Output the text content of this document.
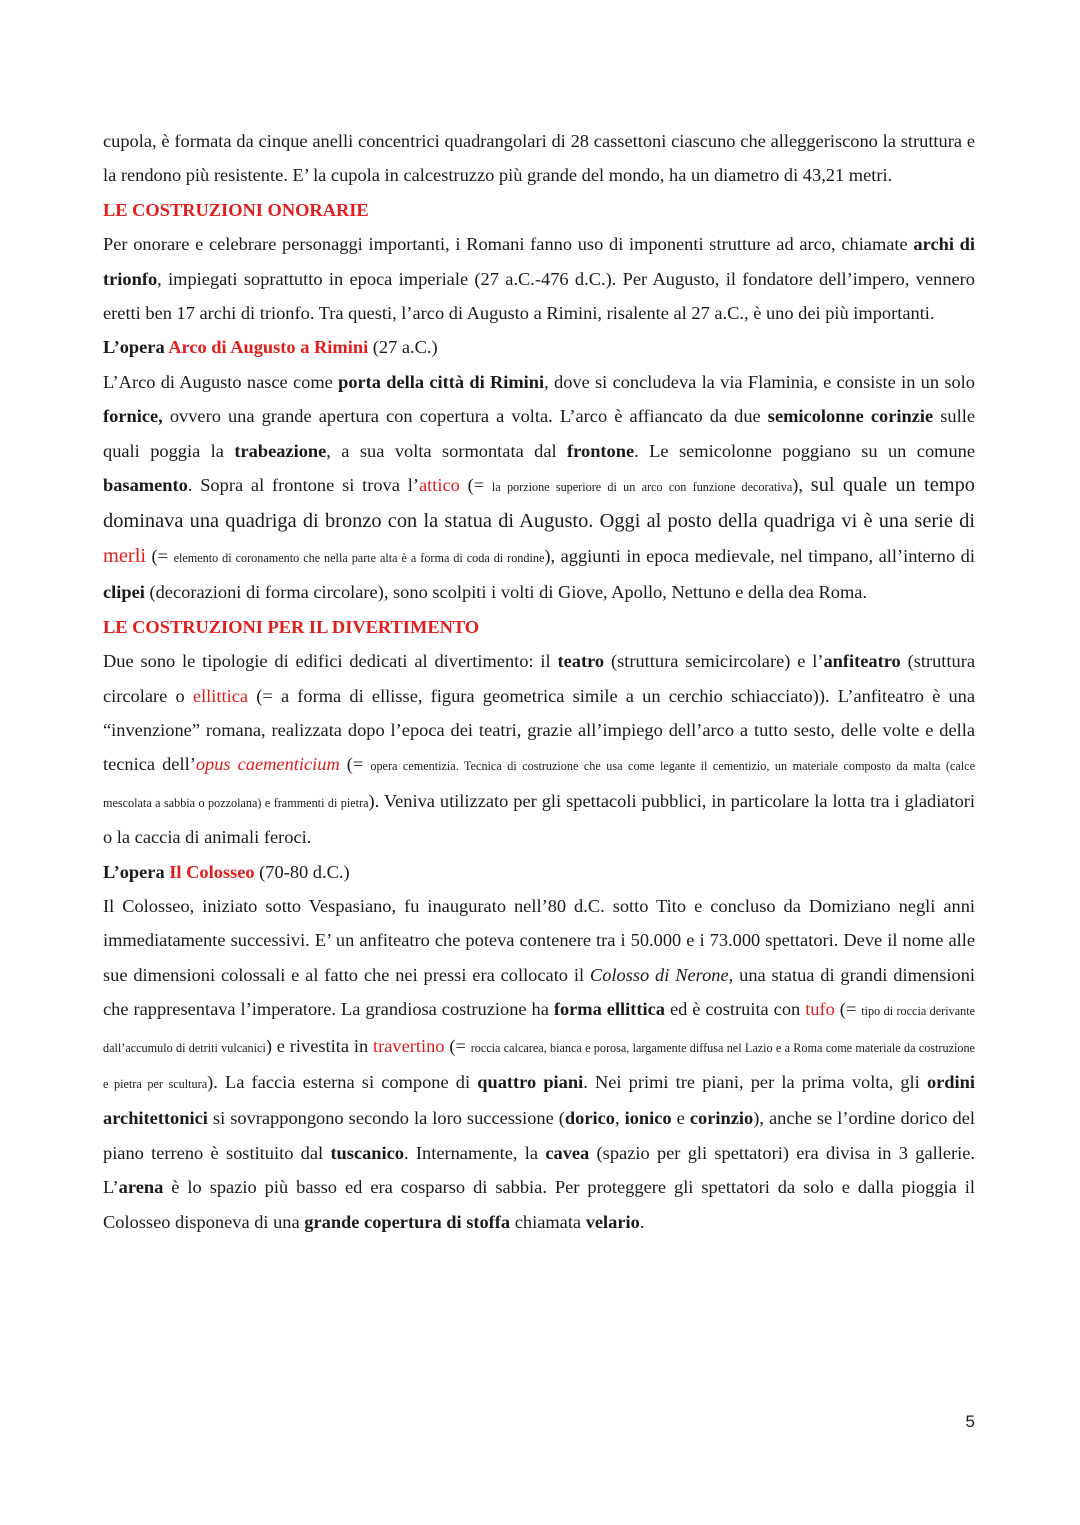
cupola, è formata da cinque anelli concentrici quadrangolari di 28 cassettoni ciascuno che alleggeriscono la struttura e la rendono più resistente. E’ la cupola in calcestruzzo più grande del mondo, ha un diametro di 43,21 metri.

LE COSTRUZIONI ONORARIE

Per onorare e celebrare personaggi importanti, i Romani fanno uso di imponenti strutture ad arco, chiamate archi di trionfo, impiegati soprattutto in epoca imperiale (27 a.C.-476 d.C.). Per Augusto, il fondatore dell’impero, vennero eretti ben 17 archi di trionfo. Tra questi, l’arco di Augusto a Rimini, risalente al 27 a.C., è uno dei più importanti.

L’opera Arco di Augusto a Rimini (27 a.C.)

L’Arco di Augusto nasce come porta della città di Rimini, dove si concludeva la via Flaminia, e consiste in un solo fornice, ovvero una grande apertura con copertura a volta. L’arco è affiancato da due semicolonne corinzie sulle quali poggia la trabeazione, a sua volta sormontata dal frontone. Le semicolonne poggiano su un comune basamento. Sopra al frontone si trova l’attico (= la porzione superiore di un arco con funzione decorativa), sul quale un tempo dominava una quadriga di bronzo con la statua di Augusto. Oggi al posto della quadriga vi è una serie di merli (= elemento di coronamento che nella parte alta è a forma di coda di rondine), aggiunti in epoca medievale, nel timpano, all’interno di clipei (decorazioni di forma circolare), sono scolpiti i volti di Giove, Apollo, Nettuno e della dea Roma.

LE COSTRUZIONI PER IL DIVERTIMENTO

Due sono le tipologie di edifici dedicati al divertimento: il teatro (struttura semicircolare) e l’anfiteatro (struttura circolare o ellittica (= a forma di ellisse, figura geometrica simile a un cerchio schiacciato)). L’anfiteatro è una “invenzione” romana, realizzata dopo l’epoca dei teatri, grazie all’impiego dell’arco a tutto sesto, delle volte e della tecnica dell’opus caementicium (= opera cementizia. Tecnica di costruzione che usa come legante il cementizio, un materiale composto da malta (calce mescolata a sabbia o pozzolana) e frammenti di pietra). Veniva utilizzato per gli spettacoli pubblici, in particolare la lotta tra i gladiatori o la caccia di animali feroci.

L’opera Il Colosseo (70-80 d.C.)

Il Colosseo, iniziato sotto Vespasiano, fu inaugurato nell’80 d.C. sotto Tito e concluso da Domiziano negli anni immediatamente successivi. E’ un anfiteatro che poteva contenere tra i 50.000 e i 73.000 spettatori. Deve il nome alle sue dimensioni colossali e al fatto che nei pressi era collocato il Colosso di Nerone, una statua di grandi dimensioni che rappresentava l’imperatore. La grandiosa costruzione ha forma ellittica ed è costruita con tufo (= tipo di roccia derivante dall’accumulo di detriti vulcanici) e rivestita in travertino (= roccia calcarea, bianca e porosa, largamente diffusa nel Lazio e a Roma come materiale da costruzione e pietra per scultura). La faccia esterna si compone di quattro piani. Nei primi tre piani, per la prima volta, gli ordini architettonici si sovrappongono secondo la loro successione (dorico, ionico e corinzio), anche se l’ordine dorico del piano terreno è sostituito dal tuscanico. Internamente, la cavea (spazio per gli spettatori) era divisa in 3 gallerie. L’arena è lo spazio più basso ed era cosparso di sabbia. Per proteggere gli spettatori da solo e dalla pioggia il Colosseo disponeva di una grande copertura di stoffa chiamata velario.

5
